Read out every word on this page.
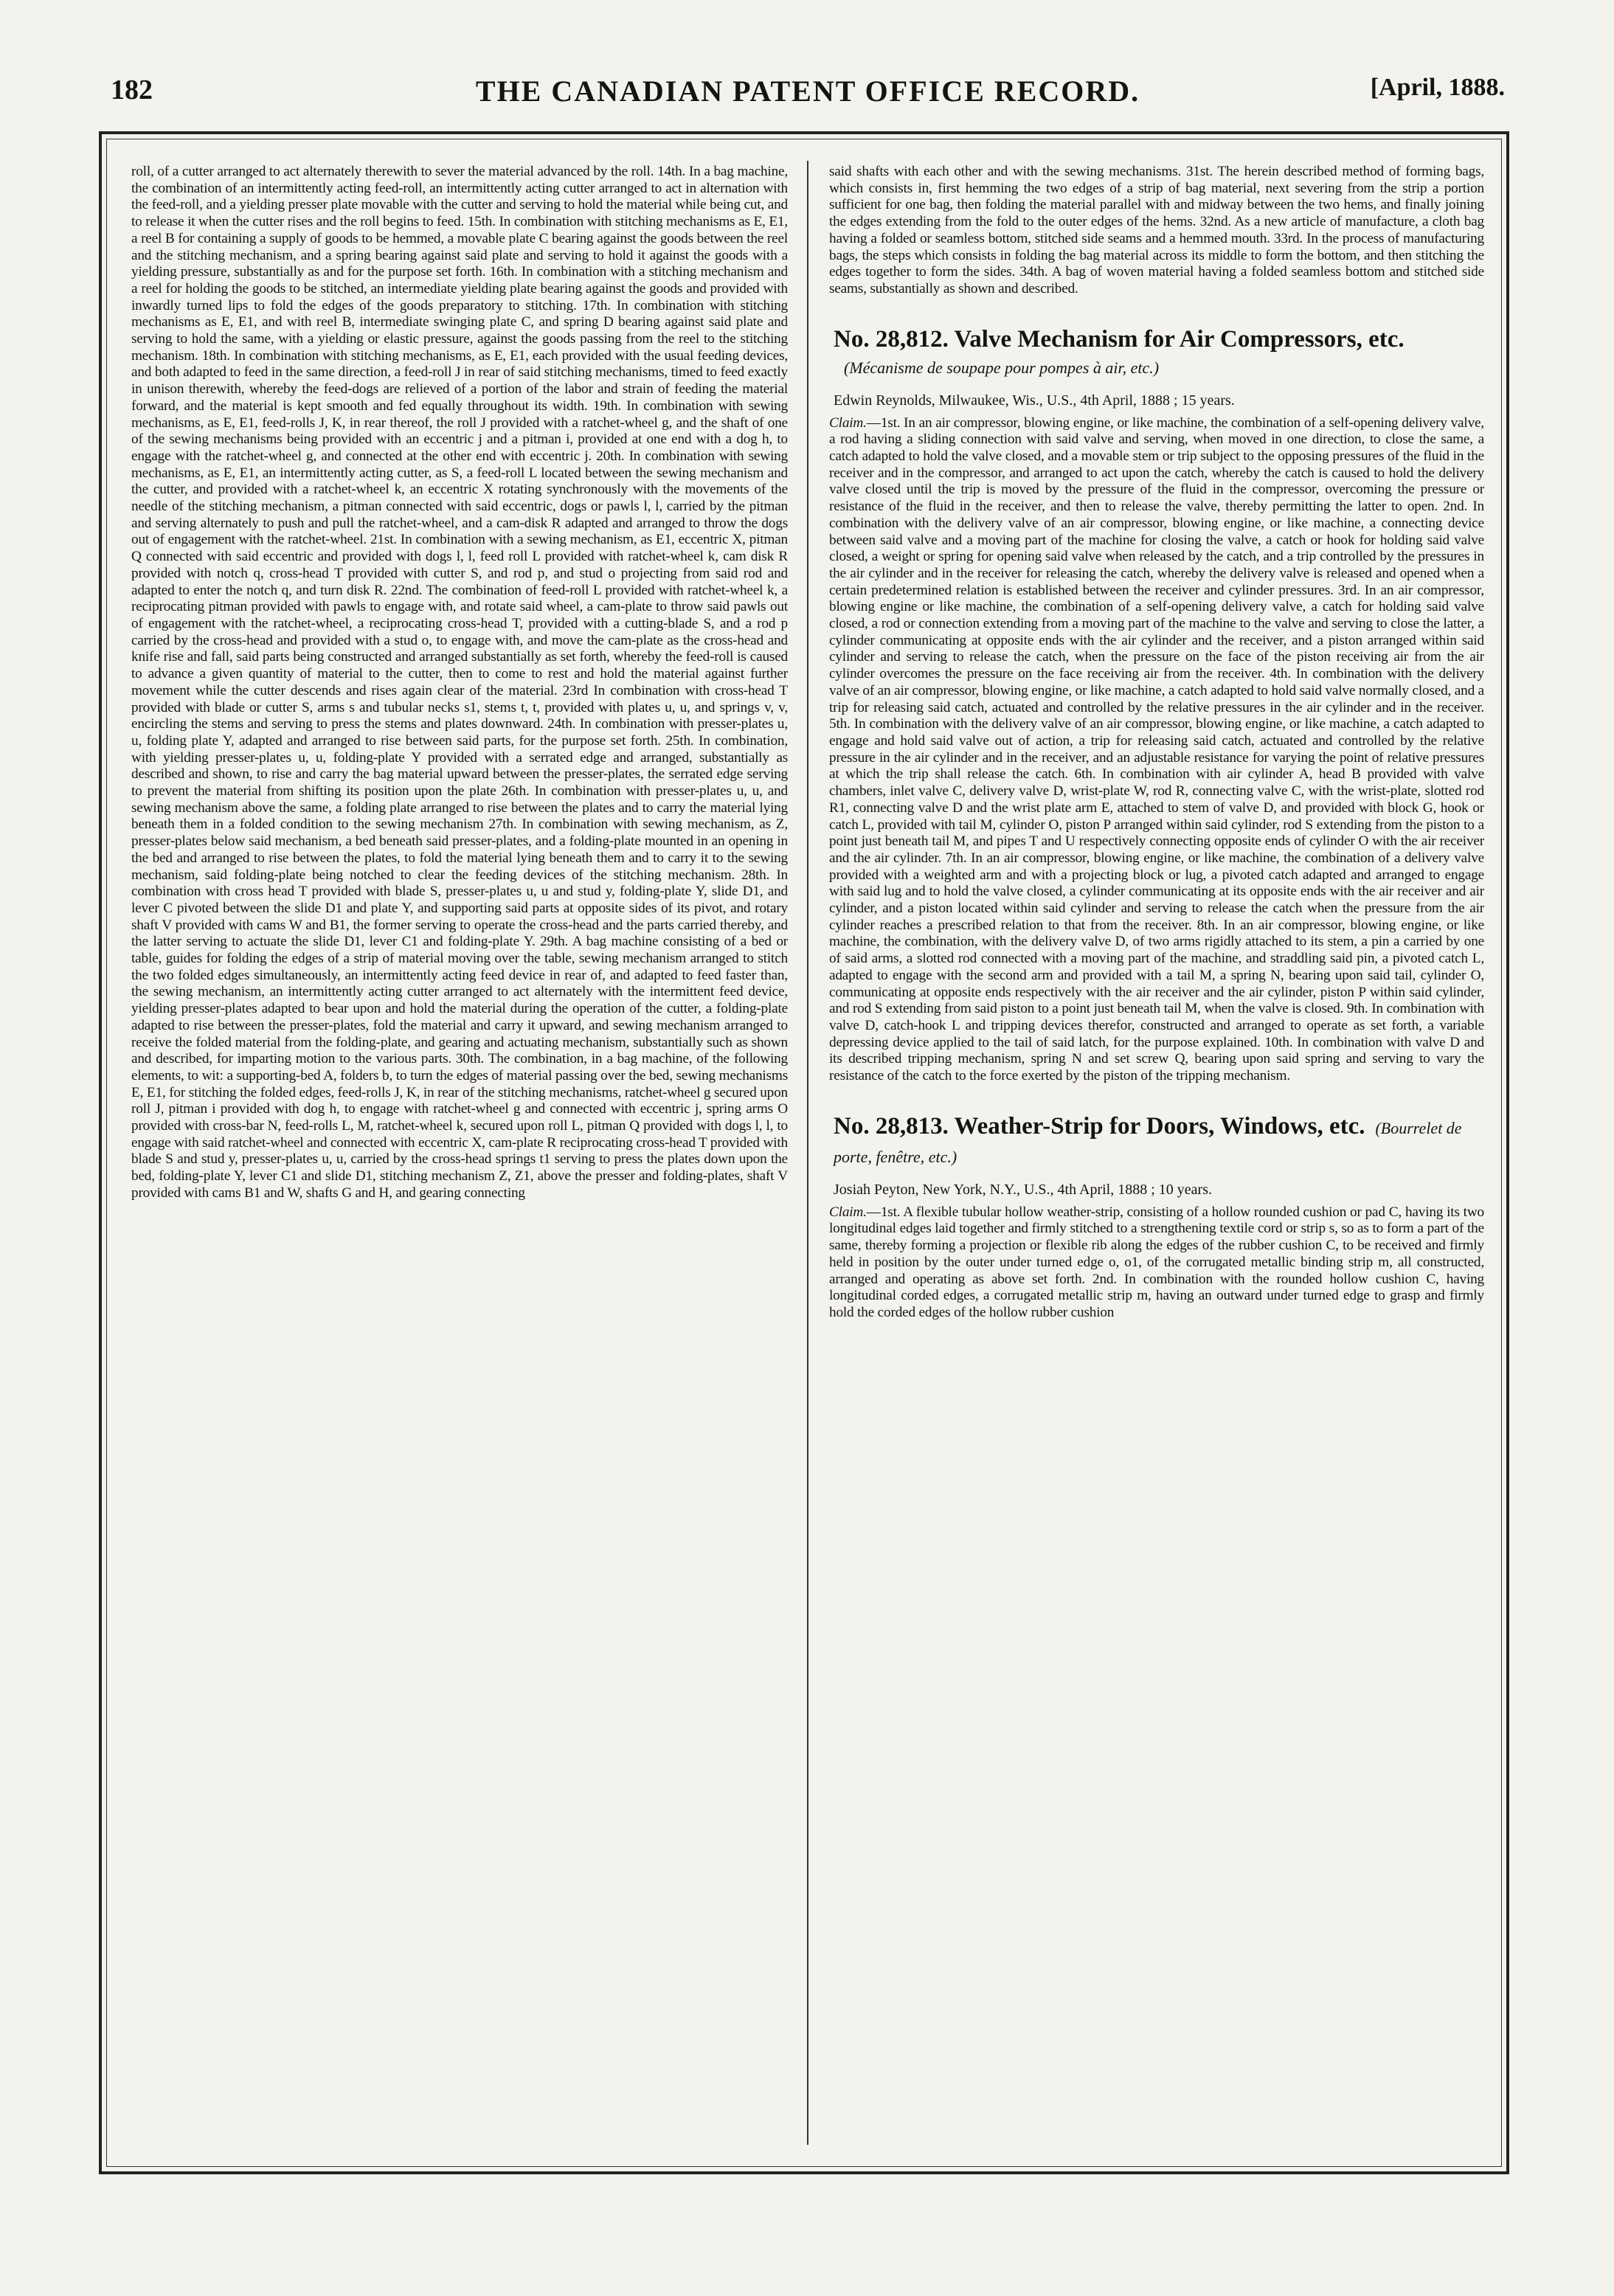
182	THE CANADIAN PATENT OFFICE RECORD.	[April, 1888.

roll, of a cutter arranged to act alternately therewith to sever the material advanced by the roll. 14th. In a bag machine, the combination of an intermittently acting feed-roll, an intermittently acting cutter arranged to act in alternation with the feed-roll, and a yielding presser plate movable with the cutter and serving to hold the material while being cut, and to release it when the cutter rises and the roll begins to feed. 15th. In combination with stitching mechanisms as E, E1, a reel B for containing a supply of goods to be hemmed, a movable plate C bearing against the goods between the reel and the stitching mechanism, and a spring bearing against said plate and serving to hold it against the goods with a yielding pressure, substantially as and for the purpose set forth. 16th. In combination with a stitching mechanism and a reel for holding the goods to be stitched, an intermediate yielding plate bearing against the goods and provided with inwardly turned lips to fold the edges of the goods preparatory to stitching. 17th. In combination with stitching mechanisms as E, E1, and with reel B, intermediate swinging plate C, and spring D bearing against said plate and serving to hold the same, with a yielding or elastic pressure, against the goods passing from the reel to the stitching mechanism. 18th. In combination with stitching mechanisms, as E, E1, each provided with the usual feeding devices, and both adapted to feed in the same direction, a feed-roll J in rear of said stitching mechanisms, timed to feed exactly in unison therewith, whereby the feed-dogs are relieved of a portion of the labor and strain of feeding the material forward, and the material is kept smooth and fed equally throughout its width. 19th. In combination with sewing mechanisms, as E, E1, feed-rolls J, K, in rear thereof, the roll J provided with a ratchet-wheel g, and the shaft of one of the sewing mechanisms being provided with an eccentric j and a pitman i, provided at one end with a dog h, to engage with the ratchet-wheel g, and connected at the other end with eccentric j. 20th. In combination with sewing mechanisms, as E, E1, an intermittently acting cutter, as S, a feed-roll L located between the sewing mechanism and the cutter, and provided with a ratchet-wheel k, an eccentric X rotating synchronously with the movements of the needle of the stitching mechanism, a pitman connected with said eccentric, dogs or pawls l, l, carried by the pitman and serving alternately to push and pull the ratchet-wheel, and a cam-disk R adapted and arranged to throw the dogs out of engagement with the ratchet-wheel. 21st. In combination with a sewing mechanism, as E1, eccentric X, pitman Q connected with said eccentric and provided with dogs l, l, feed roll L provided with ratchet-wheel k, cam disk R provided with notch q, cross-head T provided with cutter S, and rod p, and stud o projecting from said rod and adapted to enter the notch q, and turn disk R. 22nd. The combination of feed-roll L provided with ratchet-wheel k, a reciprocating pitman provided with pawls to engage with, and rotate said wheel, a cam-plate to throw said pawls out of engagement with the ratchet-wheel, a reciprocating cross-head T, provided with a cutting-blade S, and a rod p carried by the cross-head and provided with a stud o, to engage with, and move the cam-plate as the cross-head and knife rise and fall, said parts being constructed and arranged substantially as set forth, whereby the feed-roll is caused to advance a given quantity of material to the cutter, then to come to rest and hold the material against further movement while the cutter descends and rises again clear of the material. 23rd In combination with cross-head T provided with blade or cutter S, arms s and tubular necks s1, stems t, t, provided with plates u, u, and springs v, v, encircling the stems and serving to press the stems and plates downward. 24th. In combination with presser-plates u, u, folding plate Y, adapted and arranged to rise between said parts, for the purpose set forth. 25th. In combination, with yielding presser-plates u, u, folding-plate Y provided with a serrated edge and arranged, substantially as described and shown, to rise and carry the bag material upward between the presser-plates, the serrated edge serving to prevent the material from shifting its position upon the plate 26th. In combination with presser-plates u, u, and sewing mechanism above the same, a folding plate arranged to rise between the plates and to carry the material lying beneath them in a folded condition to the sewing mechanism 27th. In combination with sewing mechanism, as Z, presser-plates below said mechanism, a bed beneath said presser-plates, and a folding-plate mounted in an opening in the bed and arranged to rise between the plates, to fold the material lying beneath them and to carry it to the sewing mechanism, said folding-plate being notched to clear the feeding devices of the stitching mechanism. 28th. In combination with cross head T provided with blade S, presser-plates u, u and stud y, folding-plate Y, slide D1, and lever C pivoted between the slide D1 and plate Y, and supporting said parts at opposite sides of its pivot, and rotary shaft V provided with cams W and B1, the former serving to operate the cross-head and the parts carried thereby, and the latter serving to actuate the slide D1, lever C1 and folding-plate Y. 29th. A bag machine consisting of a bed or table, guides for folding the edges of a strip of material moving over the table, sewing mechanism arranged to stitch the two folded edges simultaneously, an intermittently acting feed device in rear of, and adapted to feed faster than, the sewing mechanism, an intermittently acting cutter arranged to act alternately with the intermittent feed device, yielding presser-plates adapted to bear upon and hold the material during the operation of the cutter, a folding-plate adapted to rise between the presser-plates, fold the material and carry it upward, and sewing mechanism arranged to receive the folded material from the folding-plate, and gearing and actuating mechanism, substantially such as shown and described, for imparting motion to the various parts. 30th. The combination, in a bag machine, of the following elements, to wit: a supporting-bed A, folders b, to turn the edges of material passing over the bed, sewing mechanisms E, E1, for stitching the folded edges, feed-rolls J, K, in rear of the stitching mechanisms, ratchet-wheel g secured upon roll J, pitman i provided with dog h, to engage with ratchet-wheel g and connected with eccentric j, spring arms O provided with cross-bar N, feed-rolls L, M, ratchet-wheel k, secured upon roll L, pitman Q provided with dogs l, l, to engage with said ratchet-wheel and connected with eccentric X, cam-plate R reciprocating cross-head T provided with blade S and stud y, presser-plates u, u, carried by the cross-head springs t1 serving to press the plates down upon the bed, folding-plate Y, lever C1 and slide D1, stitching mechanism Z, Z1, above the presser and folding-plates, shaft V provided with cams B1 and W, shafts G and H, and gearing connecting

said shafts with each other and with the sewing mechanisms. 31st. The herein described method of forming bags, which consists in, first hemming the two edges of a strip of bag material, next severing from the strip a portion sufficient for one bag, then folding the material parallel with and midway between the two hems, and finally joining the edges extending from the fold to the outer edges of the hems. 32nd. As a new article of manufacture, a cloth bag having a folded or seamless bottom, stitched side seams and a hemmed mouth. 33rd. In the process of manufacturing bags, the steps which consists in folding the bag material across its middle to form the bottom, and then stitching the edges together to form the sides. 34th. A bag of woven material having a folded seamless bottom and stitched side seams, substantially as shown and described.

No. 28,812. Valve Mechanism for Air Compressors, etc.(Mécanisme de soupape pour pompes à air, etc.)

Edwin Reynolds, Milwaukee, Wis., U.S., 4th April, 1888 ; 15 years.

Claim.—1st. In an air compressor, blowing engine, or like machine, the combination of a self-opening delivery valve, a rod having a sliding connection with said valve and serving, when moved in one direction, to close the same, a catch adapted to hold the valve closed, and a movable stem or trip subject to the opposing pressures of the fluid in the receiver and in the compressor, and arranged to act upon the catch, whereby the catch is caused to hold the delivery valve closed until the trip is moved by the pressure of the fluid in the compressor, overcoming the pressure or resistance of the fluid in the receiver, and then to release the valve, thereby permitting the latter to open. 2nd. In combination with the delivery valve of an air compressor, blowing engine, or like machine, a connecting device between said valve and a moving part of the machine for closing the valve, a catch or hook for holding said valve closed, a weight or spring for opening said valve when released by the catch, and a trip controlled by the pressures in the air cylinder and in the receiver for releasing the catch, whereby the delivery valve is released and opened when a certain predetermined relation is established between the receiver and cylinder pressures. 3rd. In an air compressor, blowing engine or like machine, the combination of a self-opening delivery valve, a catch for holding said valve closed, a rod or connection extending from a moving part of the machine to the valve and serving to close the latter, a cylinder communicating at opposite ends with the air cylinder and the receiver, and a piston arranged within said cylinder and serving to release the catch, when the pressure on the face of the piston receiving air from the air cylinder overcomes the pressure on the face receiving air from the receiver. 4th. In combination with the delivery valve of an air compressor, blowing engine, or like machine, a catch adapted to hold said valve normally closed, and a trip for releasing said catch, actuated and controlled by the relative pressures in the air cylinder and in the receiver. 5th. In combination with the delivery valve of an air compressor, blowing engine, or like machine, a catch adapted to engage and hold said valve out of action, a trip for releasing said catch, actuated and controlled by the relative pressure in the air cylinder and in the receiver, and an adjustable resistance for varying the point of relative pressures at which the trip shall release the catch. 6th. In combination with air cylinder A, head B provided with valve chambers, inlet valve C, delivery valve D, wrist-plate W, rod R, connecting valve C, with the wrist-plate, slotted rod R1, connecting valve D and the wrist plate arm E, attached to stem of valve D, and provided with block G, hook or catch L, provided with tail M, cylinder O, piston P arranged within said cylinder, rod S extending from the piston to a point just beneath tail M, and pipes T and U respectively connecting opposite ends of cylinder O with the air receiver and the air cylinder. 7th. In an air compressor, blowing engine, or like machine, the combination of a delivery valve provided with a weighted arm and with a projecting block or lug, a pivoted catch adapted and arranged to engage with said lug and to hold the valve closed, a cylinder communicating at its opposite ends with the air receiver and air cylinder, and a piston located within said cylinder and serving to release the catch when the pressure from the air cylinder reaches a prescribed relation to that from the receiver. 8th. In an air compressor, blowing engine, or like machine, the combination, with the delivery valve D, of two arms rigidly attached to its stem, a pin a carried by one of said arms, a slotted rod connected with a moving part of the machine, and straddling said pin, a pivoted catch L, adapted to engage with the second arm and provided with a tail M, a spring N, bearing upon said tail, cylinder O, communicating at opposite ends respectively with the air receiver and the air cylinder, piston P within said cylinder, and rod S extending from said piston to a point just beneath tail M, when the valve is closed. 9th. In combination with valve D, catch-hook L and tripping devices therefor, constructed and arranged to operate as set forth, a variable depressing device applied to the tail of said latch, for the purpose explained. 10th. In combination with valve D and its described tripping mechanism, spring N and set screw Q, bearing upon said spring and serving to vary the resistance of the catch to the force exerted by the piston of the tripping mechanism.

No. 28,813. Weather-Strip for Doors, Windows, etc. (Bourrelet de porte, fenêtre, etc.)

Josiah Peyton, New York, N.Y., U.S., 4th April, 1888 ; 10 years.

Claim.—1st. A flexible tubular hollow weather-strip, consisting of a hollow rounded cushion or pad C, having its two longitudinal edges laid together and firmly stitched to a strengthening textile cord or strip s, so as to form a part of the same, thereby forming a projection or flexible rib along the edges of the rubber cushion C, to be received and firmly held in position by the outer under turned edge o, o1, of the corrugated metallic binding strip m, all constructed, arranged and operating as above set forth. 2nd. In combination with the rounded hollow cushion C, having longitudinal corded edges, a corrugated metallic strip m, having an outward under turned edge to grasp and firmly hold the corded edges of the hollow rubber cushion
